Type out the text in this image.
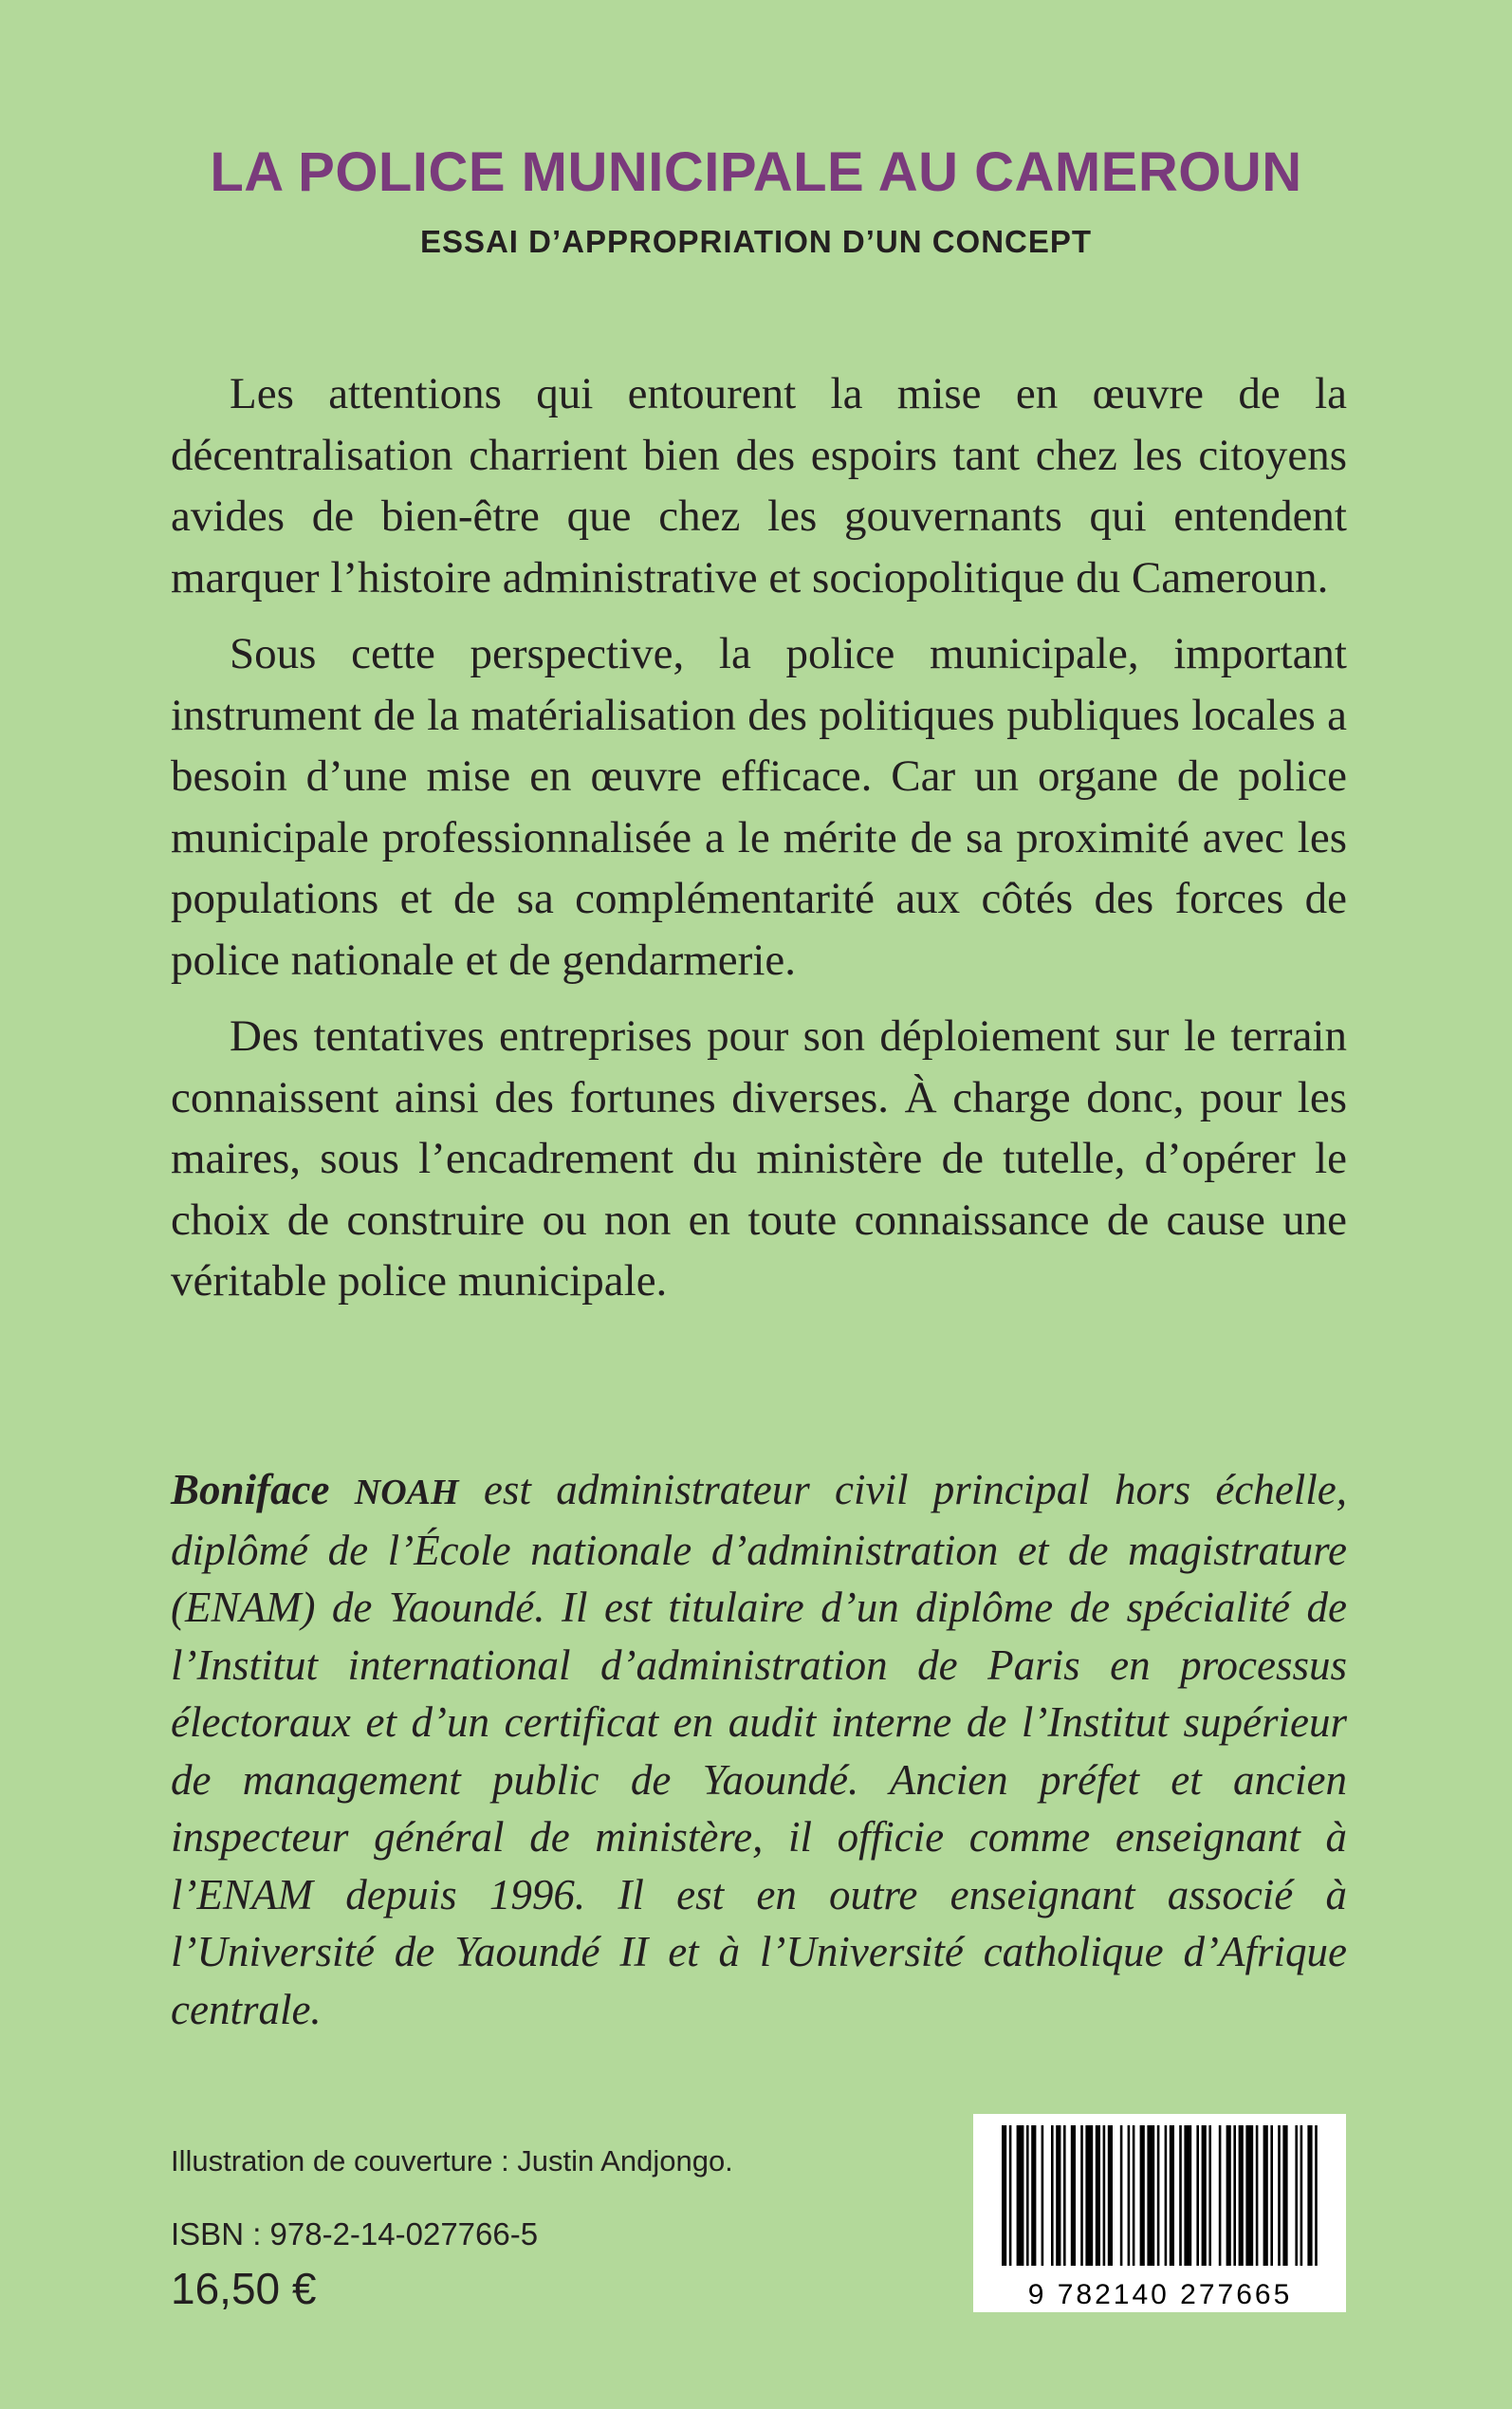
LA POLICE MUNICIPALE AU CAMEROUN
ESSAI D’APPROPRIATION D’UN CONCEPT

Les attentions qui entourent la mise en œuvre de la décentralisation charrient bien des espoirs tant chez les citoyens avides de bien-être que chez les gouvernants qui entendent marquer l’histoire administrative et sociopolitique du Cameroun.

Sous cette perspective, la police municipale, important instrument de la matérialisation des politiques publiques locales a besoin d’une mise en œuvre efficace. Car un organe de police municipale professionnalisée a le mérite de sa proximité avec les populations et de sa complémentarité aux côtés des forces de police nationale et de gendarmerie.

Des tentatives entreprises pour son déploiement sur le terrain connaissent ainsi des fortunes diverses. À charge donc, pour les maires, sous l’encadrement du ministère de tutelle, d’opérer le choix de construire ou non en toute connaissance de cause une véritable police municipale.

Boniface NOAH est administrateur civil principal hors échelle, diplômé de l’École nationale d’administration et de magistrature (ENAM) de Yaoundé. Il est titulaire d’un diplôme de spécialité de l’Institut international d’administration de Paris en processus électoraux et d’un certificat en audit interne de l’Institut supérieur de management public de Yaoundé. Ancien préfet et ancien inspecteur général de ministère, il officie comme enseignant à l’ENAM depuis 1996. Il est en outre enseignant associé à l’Université de Yaoundé II et à l’Université catholique d’Afrique centrale.

Illustration de couverture : Justin Andjongo.
ISBN : 978-2-14-027766-5
16,50 €	9 782140 277665
